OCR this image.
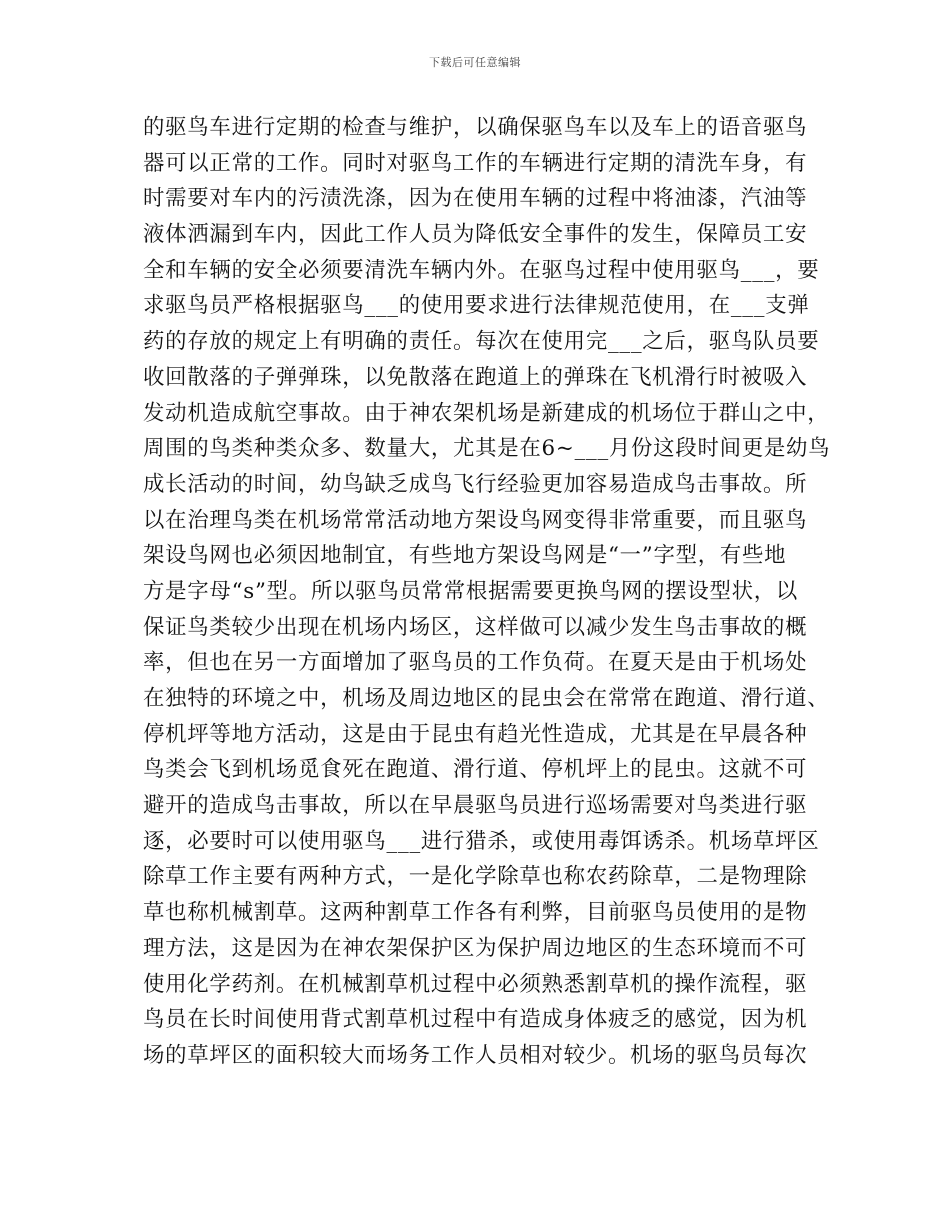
下载后可任意编辑
的驱鸟车进行定期的检查与维护，以确保驱鸟车以及车上的语音驱鸟
器可以正常的工作。同时对驱鸟工作的车辆进行定期的清洗车身，有
时需要对车内的污渍洗涤，因为在使用车辆的过程中将油漆，汽油等
液体洒漏到车内，因此工作人员为降低安全事件的发生，保障员工安
全和车辆的安全必须要清洗车辆内外。在驱鸟过程中使用驱鸟___，要
求驱鸟员严格根据驱鸟___的使用要求进行法律规范使用，在___支弹
药的存放的规定上有明确的责任。每次在使用完___之后，驱鸟队员要
收回散落的子弹弹珠，以免散落在跑道上的弹珠在飞机滑行时被吸入
发动机造成航空事故。由于神农架机场是新建成的机场位于群山之中，
周围的鸟类种类众多、数量大，尤其是在6~___月份这段时间更是幼鸟
成长活动的时间，幼鸟缺乏成鸟飞行经验更加容易造成鸟击事故。所
以在治理鸟类在机场常常活动地方架设鸟网变得非常重要，而且驱鸟
架设鸟网也必须因地制宜，有些地方架设鸟网是“一”字型，有些地
方是字母“s”型。所以驱鸟员常常根据需要更换鸟网的摆设型状，以
保证鸟类较少出现在机场内场区，这样做可以减少发生鸟击事故的概
率，但也在另一方面增加了驱鸟员的工作负荷。在夏天是由于机场处
在独特的环境之中，机场及周边地区的昆虫会在常常在跑道、滑行道、
停机坪等地方活动，这是由于昆虫有趋光性造成，尤其是在早晨各种
鸟类会飞到机场觅食死在跑道、滑行道、停机坪上的昆虫。这就不可
避开的造成鸟击事故，所以在早晨驱鸟员进行巡场需要对鸟类进行驱
逐，必要时可以使用驱鸟___进行猎杀，或使用毒饵诱杀。机场草坪区
除草工作主要有两种方式，一是化学除草也称农药除草，二是物理除
草也称机械割草。这两种割草工作各有利弊，目前驱鸟员使用的是物
理方法，这是因为在神农架保护区为保护周边地区的生态环境而不可
使用化学药剂。在机械割草机过程中必须熟悉割草机的操作流程，驱
鸟员在长时间使用背式割草机过程中有造成身体疲乏的感觉，因为机
场的草坪区的面积较大而场务工作人员相对较少。机场的驱鸟员每次
